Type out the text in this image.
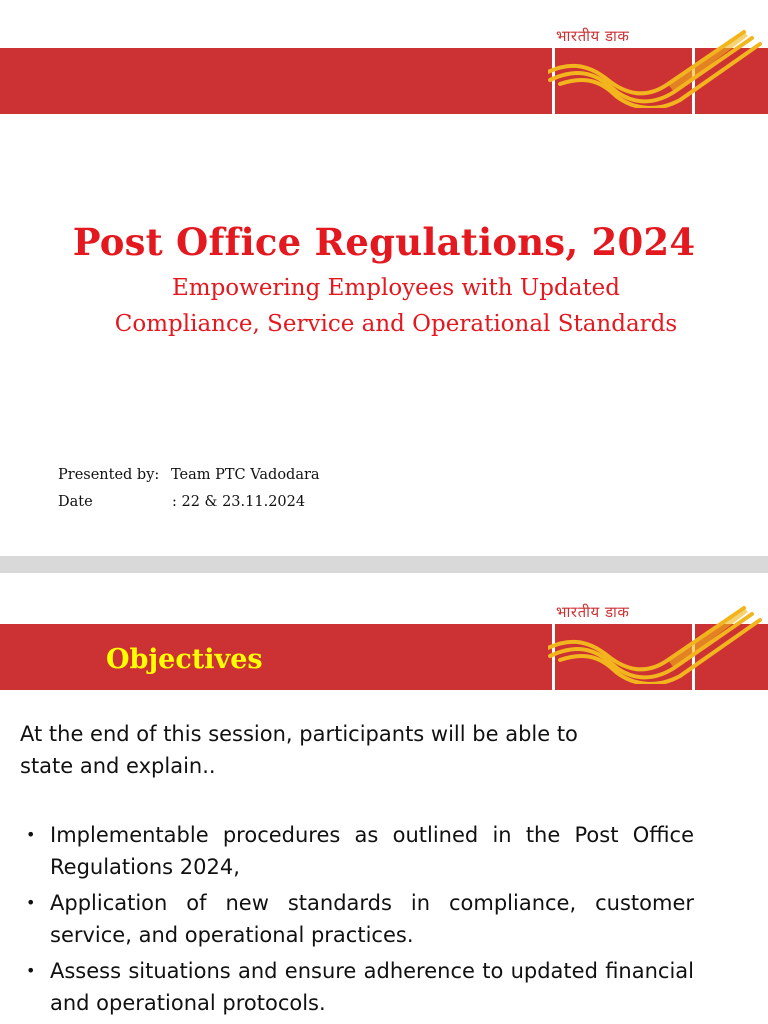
भारतीय डाक
Post Office Regulations, 2024
Empowering Employees with Updated
Compliance, Service and Operational Standards
Presented by: Team PTC Vadodara
Date	: 22 & 23.11.2024
भारतीय डाक
Objectives
At the end of this session, participants will be able to
state and explain..
• Implementable procedures as outlined in the Post Office Regulations 2024,
• Application of new standards in compliance, customer service, and operational practices.
• Assess situations and ensure adherence to updated financial and operational protocols.
